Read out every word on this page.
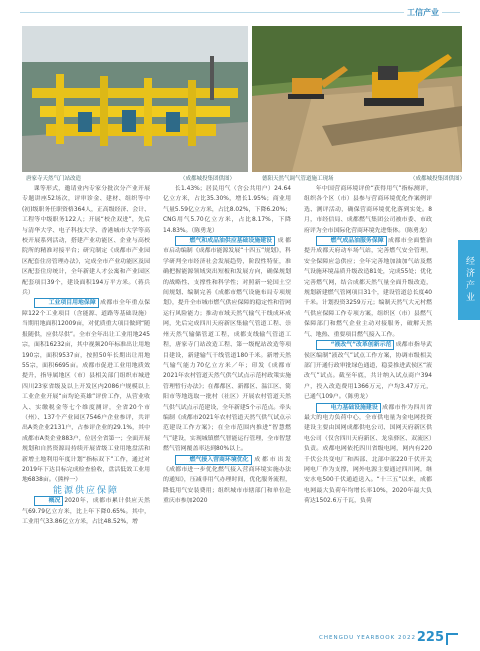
工信产业
唐家寺天然气门站改造	（成都城投集团供图）	德阳天然气调气管道施工现场	（成都城投集团供图）

课等形式，邀请业内专家分批次分产业开展专题讲座52场次，评审诊金、建材、组织等中(初)级职务任职资格364人，正高级经济、会计、工程等中级职务122人；开展“校企双进”，先后与清华大学、电子科技大学、香港城市大学等高校开展系列活动，搭建产业功能区、企业与高校院所的精准对接平台；研究制定《成都市产业园区配套住房管理办法》，完成全市产业功能区及园区配套住房统计，全年新建人才公寓和产业园区配套项目39个，建设面积194万平方米。（蒋兵兵）

工业项目用地保障 成都市全年重点保障122个工业项目（含能源、道路等基础设施）当期用地面积12009亩，对优质重大项目做到“随报随供，应供尽供”。全市全年出让工业用地245宗，面积16232亩，其中视频20年标准出让用地190宗，面积9537亩，按照50年长期出让用地55宗，面积6695亩。成都市促进工业用地质效提升，指导属地区（市）县相关部门组织市城进四川23家省级及以上开发区内2086户规模以上工业企业开展“亩均论英雄”评价工作，从营业收入、实缴税金等七个维度测评，全省20个市（州）、137个产业园区7546户企业参评，共评出A类企业2131户，占参评企业的29.1%，其中成都市A类企业883户，位居全省第一；全面开展规划和自然资源局持续开展省级工业用地盘活和新增土地利用年度计划“指标双下”工作，通过对2019年下达目标完成检查验收，盘活低效工业用地6838亩。（熊梓一）

能源供应保障

概况 2020年，成都市累计供应天然气69.79亿立方米，比上年下降0.65%。其中，工业用气33.86亿立方米，占比48.52%，增

长1.43%；居民用气（含公共用户）24.64亿立方米，占比35.30%，增长1.95%；商业用气量5.59亿立方米，占比8.02%，下降6.20%；CNG用气5.70亿立方米，占比8.17%，下降14.83%。（陈勇龙）

燃气和成品油供应基础设施建设 成都市启动编制《成都市能源发展“十四五”规划》，科学研判全市经济社会发展趋势，阶段性特征，准确把握能源领域突出短板和发展方向，确保规划的战略性、支撑性和科学性；对照新一轮国土空间规划、编制完善《成都市燃气设施布局专项规划》，提升全市城市燃气供应保障的稳定性和管网运行风险能力；推动市域天然气输气干线成环成网，先后完成四川天府新区集输气管道工程、崇州天然气输储管道工程，成都支线输气管道工程，唐家寺门站改造工程、第一级配站改造等项目建设，新建输气干线管道180千米。新增天然气输气能力70亿立方米／年；印发《成都市2021年农村管道天然气供气试点示范村政策实施管理暂行办法》；在都都区、新都区、温江区、简阳市等地选取一批村（社区）开展农村管道天然气供气试点示范建设，全年新建5个示范点。牵头编制《成都市2021年农村管道天然气供气试点示范建设工作方案》；在全市范围内推进“智慧燃气”建设，实现城镇燃气智能运行管理，全市智慧燃气管网覆盖率达到80%以上。

燃气接入营商环境优化 成都市出发《成都市进一步优化燃气接入营商环境实施办法的通知》，压减非用气办理时间，优化服务流程，降低用气安装费用；组织城市市辖部门和单位赴重庆市参加2020

年中国营商环境评价“获得用气”指标测评，组织各个区（市）县参与营商环境优化作案例评选、测评活动，确保营商环境优化落到实处。8月，市经信局、成都燃气集团公司被市委、市政府评为全市国际化营商环境先进集体。（陈勇龙）

燃气成品油服务保障 成都市全面整治提升成都天府动车场气站，完善燃气安全管理，安全保障应急供应；全年完善地加油加气站及燃气设施环境品质升级改造81处，完成55处；优化完善燃气网，结合成都天然气量全面升级改造，规划新建燃气管网项目31个，建设管道总长度40千米。计划投资3259万元；编制天然气大元村燃气供应保障工作专项方案，组织区（市）县燃气保障部门和燃气企业主动对接服务，破解天然气、地热、重要项目燃气接入工作。

“液改气”改革创新示范 成都市指导武侯区编制“液改气”试点工作方案，协调市级相关部门开通行政审批绿色通道，稳妥推进武侯区“液改气”试点。截至年底，共计纳入试点商户394户，投入改造费用1366万元，户均3.47万元，已通气109户。（陈勇龙）

电力基础设施建设 成都市作为四川省最大的电力负荷中心，全市供电量为金电网投资建设主要由国网成都供电公司、国网天府新区供电公司（仅含四川天府新区、龙泉驿区、双流区）负责。成都电网依托四川省级电网，网内有220千伏公共变电厂和西部、北部中部220千伏开关网电厂作为支撑，网外电源主要通过四川网，继安水电500千伏通道送入。“十三五”以来，成都电网最大负荷年均增长率10%，2020年最大负荷达1502.6万千瓦，负荷

经济产业
CHENGDU YEARBOOK 2022 225
